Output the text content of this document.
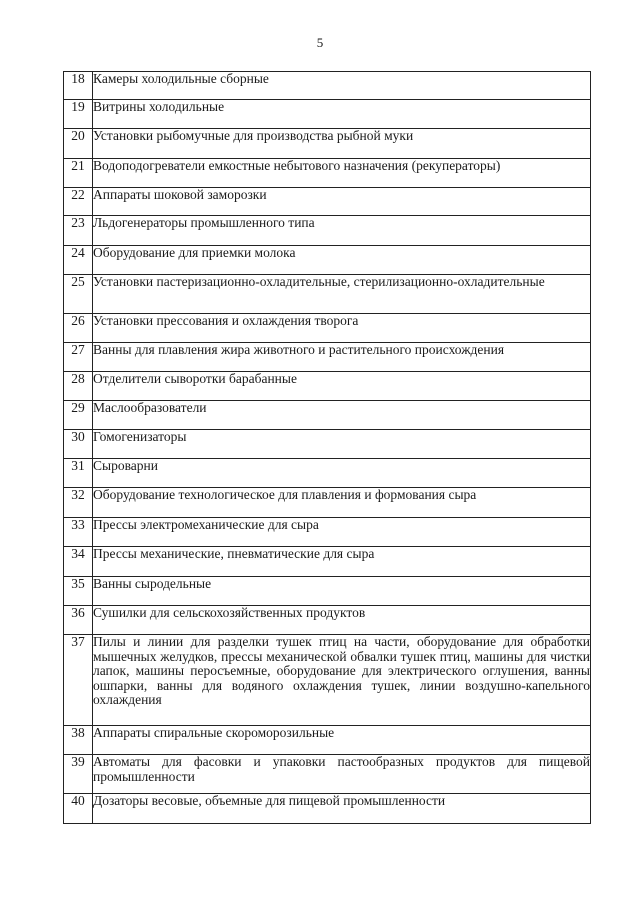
5
18	Камеры холодильные сборные
19	Витрины холодильные
20	Установки рыбомучные для производства рыбной муки
21	Водоподогреватели емкостные небытового назначения (рекуператоры)
22	Аппараты шоковой заморозки
23	Льдогенераторы промышленного типа
24	Оборудование для приемки молока
25	Установки пастеризационно-охладительные, стерилизационно-охладительные
26	Установки прессования и охлаждения творога
27	Ванны для плавления жира животного и растительного происхождения
28	Отделители сыворотки барабанные
29	Маслообразователи
30	Гомогенизаторы
31	Сыроварни
32	Оборудование технологическое для плавления и формования сыра
33	Прессы электромеханические для сыра
34	Прессы механические, пневматические для сыра
35	Ванны сыродельные
36	Сушилки для сельскохозяйственных продуктов
37	Пилы и линии для разделки тушек птиц на части, оборудование для обработки мышечных желудков, прессы механической обвалки тушек птиц, машины для чистки лапок, машины перосъемные, оборудование для электрического оглушения, ванны ошпарки, ванны для водяного охлаждения тушек, линии воздушно-капельного охлаждения
38	Аппараты спиральные скороморозильные
39	Автоматы для фасовки и упаковки пастообразных продуктов для пищевой промышленности
40	Дозаторы весовые, объемные для пищевой промышленности
